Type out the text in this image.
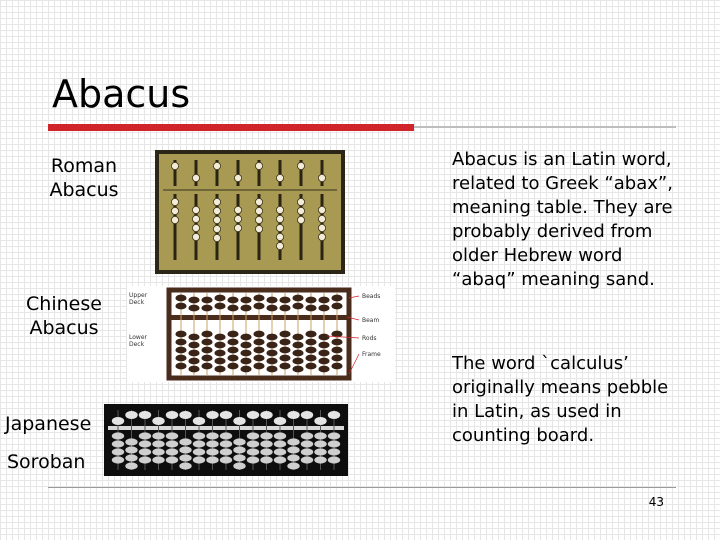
Abacus
Roman
Abacus
Chinese
Abacus
Upper
Deck
Lower
Deck
Beads
Beam
Rods
Frame
Japanese
Soroban
Abacus is an Latin word, related to Greek “abax”, meaning table. They are probably derived from older Hebrew word “abaq” meaning sand.
The word `calculus’ originally means pebble in Latin, as used in counting board.
43
